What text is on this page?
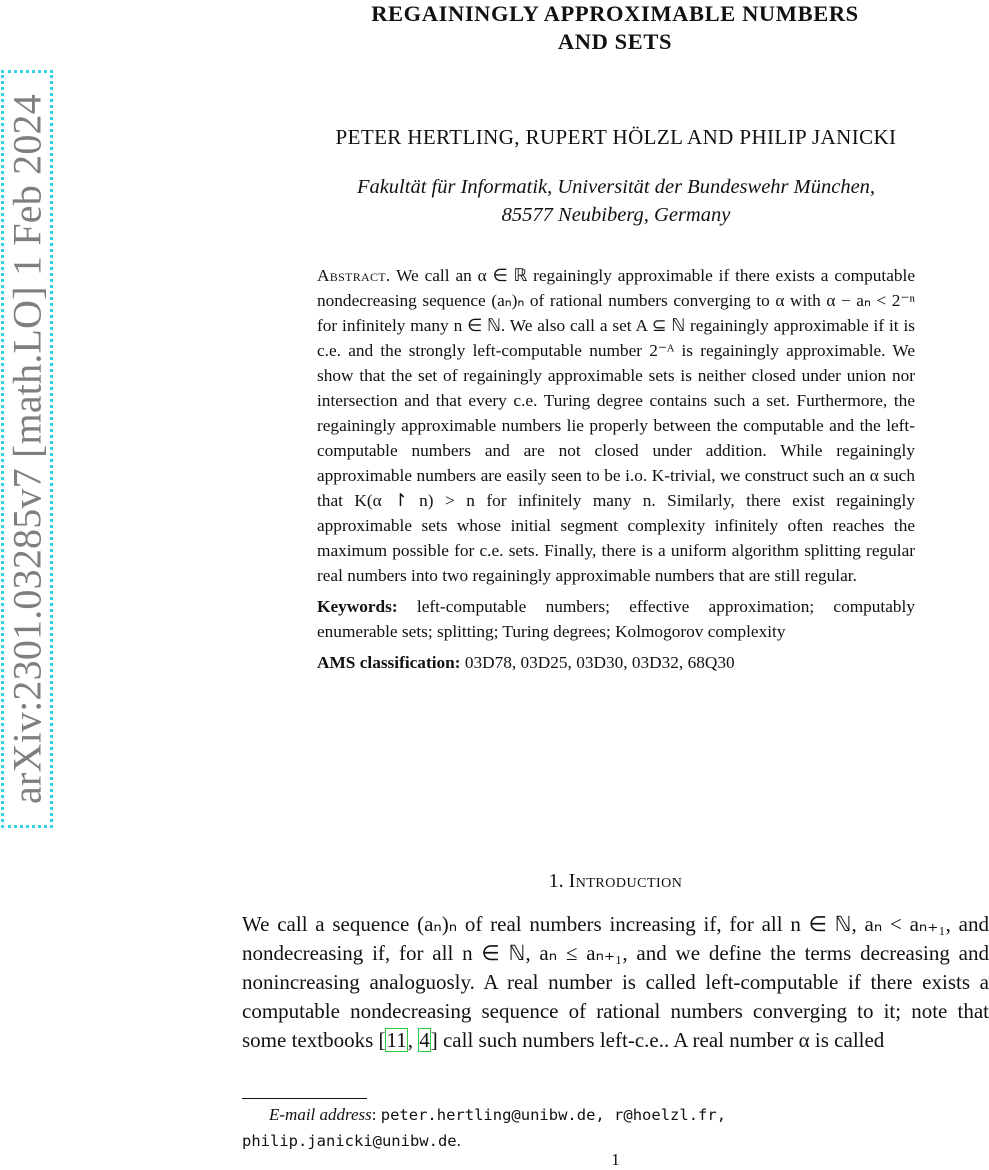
arXiv:2301.03285v7 [math.LO] 1 Feb 2024
REGAININGLY APPROXIMABLE NUMBERS
AND SETS
PETER HERTLING, RUPERT HÖLZL AND PHILIP JANICKI
Fakultät für Informatik, Universität der Bundeswehr München,
85577 Neubiberg, Germany

Abstract. We call an α ∈ ℝ regainingly approximable if there exists a computable nondecreasing sequence (aₙ)ₙ of rational numbers converging to α with α − aₙ < 2⁻ⁿ for infinitely many n ∈ ℕ. We also call a set A ⊆ ℕ regainingly approximable if it is c.e. and the strongly left-computable number 2⁻ᴬ is regainingly approximable. We show that the set of regainingly approximable sets is neither closed under union nor intersection and that every c.e. Turing degree contains such a set. Furthermore, the regainingly approximable numbers lie properly between the computable and the left-computable numbers and are not closed under addition. While regainingly approximable numbers are easily seen to be i.o. K-trivial, we construct such an α such that K(α ↾ n) > n for infinitely many n. Similarly, there exist regainingly approximable sets whose initial segment complexity infinitely often reaches the maximum possible for c.e. sets. Finally, there is a uniform algorithm splitting regular real numbers into two regainingly approximable numbers that are still regular.

Keywords: left-computable numbers; effective approximation; computably enumerable sets; splitting; Turing degrees; Kolmogorov complexity

AMS classification: 03D78, 03D25, 03D30, 03D32, 68Q30

1. Introduction

We call a sequence (aₙ)ₙ of real numbers increasing if, for all n ∈ ℕ, aₙ < aₙ₊₁, and nondecreasing if, for all n ∈ ℕ, aₙ ≤ aₙ₊₁, and we define the terms decreasing and nonincreasing analoguosly. A real number is called left-computable if there exists a computable nondecreasing sequence of rational numbers converging to it; note that some textbooks [11, 4] call such numbers left-c.e.. A real number α is called

E-mail address: peter.hertling@unibw.de, r@hoelzl.fr,
philip.janicki@unibw.de.
1
